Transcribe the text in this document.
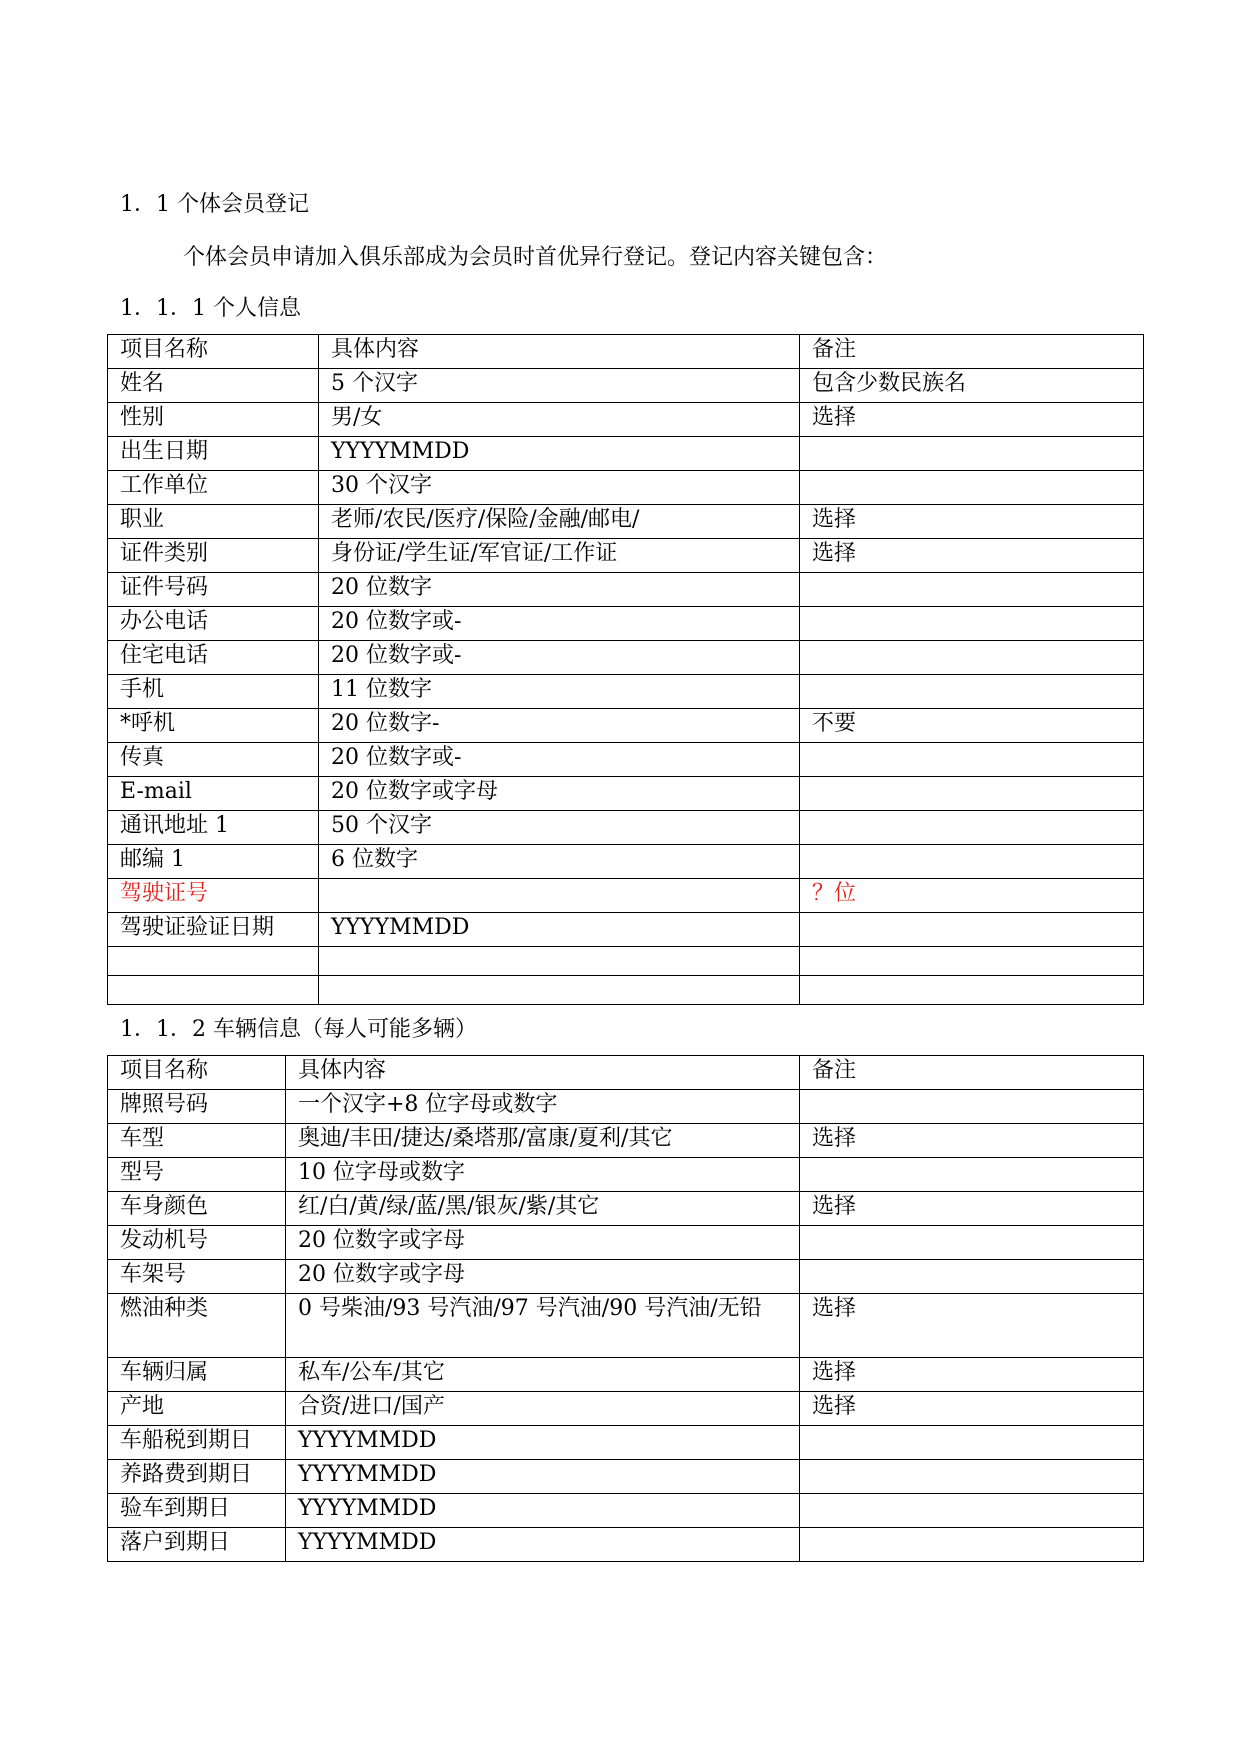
1．1 个体会员登记
个体会员申请加入俱乐部成为会员时首优异行登记。登记内容关键包含：
1．1．1 个人信息
项目名称	具体内容	备注
姓名	5 个汉字	包含少数民族名
性别	男/女	选择
出生日期	YYYYMMDD	
工作单位	30 个汉字	
职业	老师/农民/医疗/保险/金融/邮电/	选择
证件类别	身份证/学生证/军官证/工作证	选择
证件号码	20 位数字	
办公电话	20 位数字或-	
住宅电话	20 位数字或-	
手机	11 位数字	
*呼机	20 位数字-	不要
传真	20 位数字或-	
E-mail	20 位数字或字母	
通讯地址 1	50 个汉字	
邮编 1	6 位数字	
驾驶证号		？位
驾驶证验证日期	YYYYMMDD	

1．1．2 车辆信息（每人可能多辆）
项目名称	具体内容	备注
牌照号码	一个汉字+8 位字母或数字	
车型	奥迪/丰田/捷达/桑塔那/富康/夏利/其它	选择
型号	10 位字母或数字	
车身颜色	红/白/黄/绿/蓝/黑/银灰/紫/其它	选择
发动机号	20 位数字或字母	
车架号	20 位数字或字母	
燃油种类	0 号柴油/93 号汽油/97 号汽油/90 号汽油/无铅	选择
车辆归属	私车/公车/其它	选择
产地	合资/进口/国产	选择
车船税到期日	YYYYMMDD	
养路费到期日	YYYYMMDD	
验车到期日	YYYYMMDD	
落户到期日	YYYYMMDD	
